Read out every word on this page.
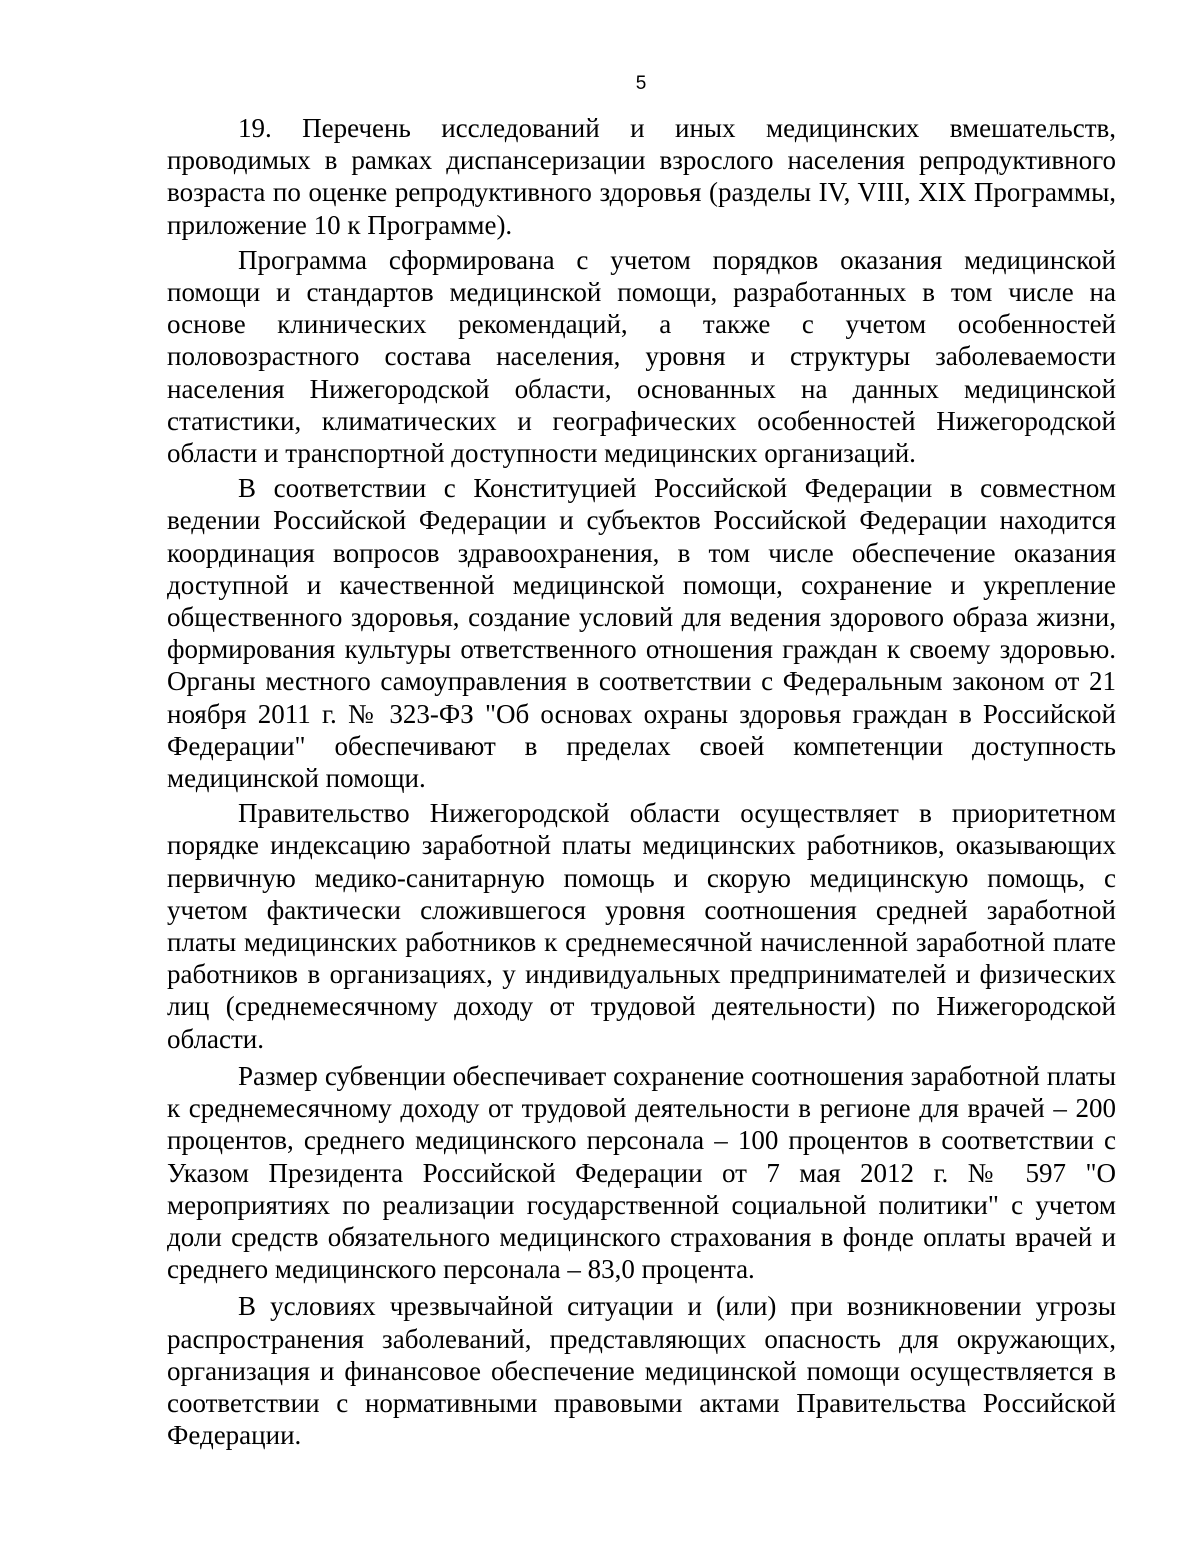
5

19. Перечень исследований и иных медицинских вмешательств, проводимых в рамках диспансеризации взрослого населения репродуктивного возраста по оценке репродуктивного здоровья (разделы IV, VIII, XIX Программы, приложение 10 к Программе).

Программа сформирована с учетом порядков оказания медицинской помощи и стандартов медицинской помощи, разработанных в том числе на основе клинических рекомендаций, а также с учетом особенностей половозрастного состава населения, уровня и структуры заболеваемости населения Нижегородской области, основанных на данных медицинской статистики, климатических и географических особенностей Нижегородской области и транспортной доступности медицинских организаций.

В соответствии с Конституцией Российской Федерации в совместном ведении Российской Федерации и субъектов Российской Федерации находится координация вопросов здравоохранения, в том числе обеспечение оказания доступной и качественной медицинской помощи, сохранение и укрепление общественного здоровья, создание условий для ведения здорового образа жизни, формирования культуры ответственного отношения граждан к своему здоровью. Органы местного самоуправления в соответствии с Федеральным законом от 21 ноября 2011 г. № 323-ФЗ "Об основах охраны здоровья граждан в Российской Федерации" обеспечивают в пределах своей компетенции доступность медицинской помощи.

Правительство Нижегородской области осуществляет в приоритетном порядке индексацию заработной платы медицинских работников, оказывающих первичную медико-санитарную помощь и скорую медицинскую помощь, с учетом фактически сложившегося уровня соотношения средней заработной платы медицинских работников к среднемесячной начисленной заработной плате работников в организациях, у индивидуальных предпринимателей и физических лиц (среднемесячному доходу от трудовой деятельности) по Нижегородской области.

Размер субвенции обеспечивает сохранение соотношения заработной платы к среднемесячному доходу от трудовой деятельности в регионе для врачей – 200 процентов, среднего медицинского персонала – 100 процентов в соответствии с Указом Президента Российской Федерации от 7 мая 2012 г. № 597 "О мероприятиях по реализации государственной социальной политики" с учетом доли средств обязательного медицинского страхования в фонде оплаты врачей и среднего медицинского персонала – 83,0 процента.

В условиях чрезвычайной ситуации и (или) при возникновении угрозы распространения заболеваний, представляющих опасность для окружающих, организация и финансовое обеспечение медицинской помощи осуществляется в соответствии с нормативными правовыми актами Правительства Российской Федерации.
